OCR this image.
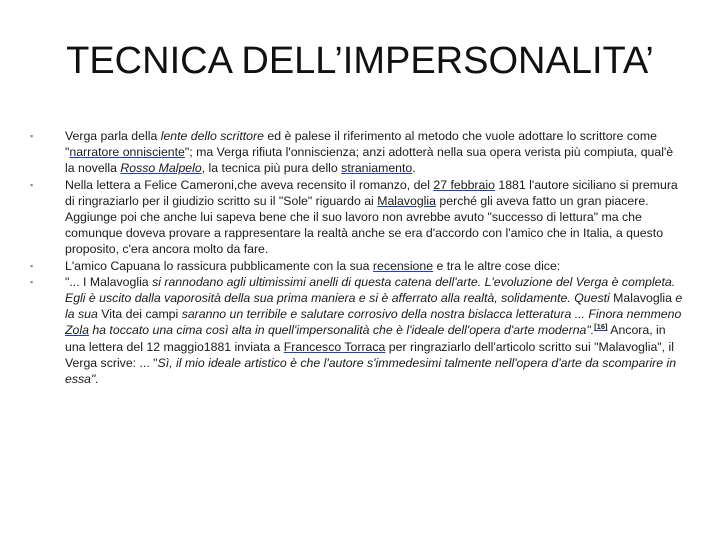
TECNICA DELL’IMPERSONALITA’
▪	Verga parla della lente dello scrittore ed è palese il riferimento al metodo che vuole adottare lo scrittore come "narratore onnisciente"; ma Verga rifiuta l'onniscienza; anzi adotterà nella sua opera verista più compiuta, qual'è la novella Rosso Malpelo, la tecnica più pura dello straniamento.
▪	Nella lettera a Felice Cameroni,che aveva recensito il romanzo, del 27 febbraio 1881 l'autore siciliano si premura di ringraziarlo per il giudizio scritto su il "Sole" riguardo ai Malavoglia perché gli aveva fatto un gran piacere. Aggiunge poi che anche lui sapeva bene che il suo lavoro non avrebbe avuto "successo di lettura" ma che comunque doveva provare a rappresentare la realtà anche se era d'accordo con l'amico che in Italia, a questo proposito, c'era ancora molto da fare.
▪	L'amico Capuana lo rassicura pubblicamente con la sua recensione e tra le altre cose dice:
▪	"... I Malavoglia si rannodano agli ultimissimi anelli di questa catena dell'arte. L'evoluzione del Verga è completa. Egli è uscito dalla vaporosità della sua prima maniera e si è afferrato alla realtà, solidamente. Questi Malavoglia e la sua Vita dei campi saranno un terribile e salutare corrosivo della nostra bislacca letteratura ... Finora nemmeno Zola ha toccato una cima così alta in quell'impersonalità che è l'ideale dell'opera d'arte moderna".[16] Ancora, in una lettera del 12 maggio1881 inviata a Francesco Torraca per ringraziarlo dell'articolo scritto sui "Malavoglia", il Verga scrive: ... "Sì, il mio ideale artistico è che l'autore s'immedesimi talmente nell'opera d'arte da scomparire in essa".
